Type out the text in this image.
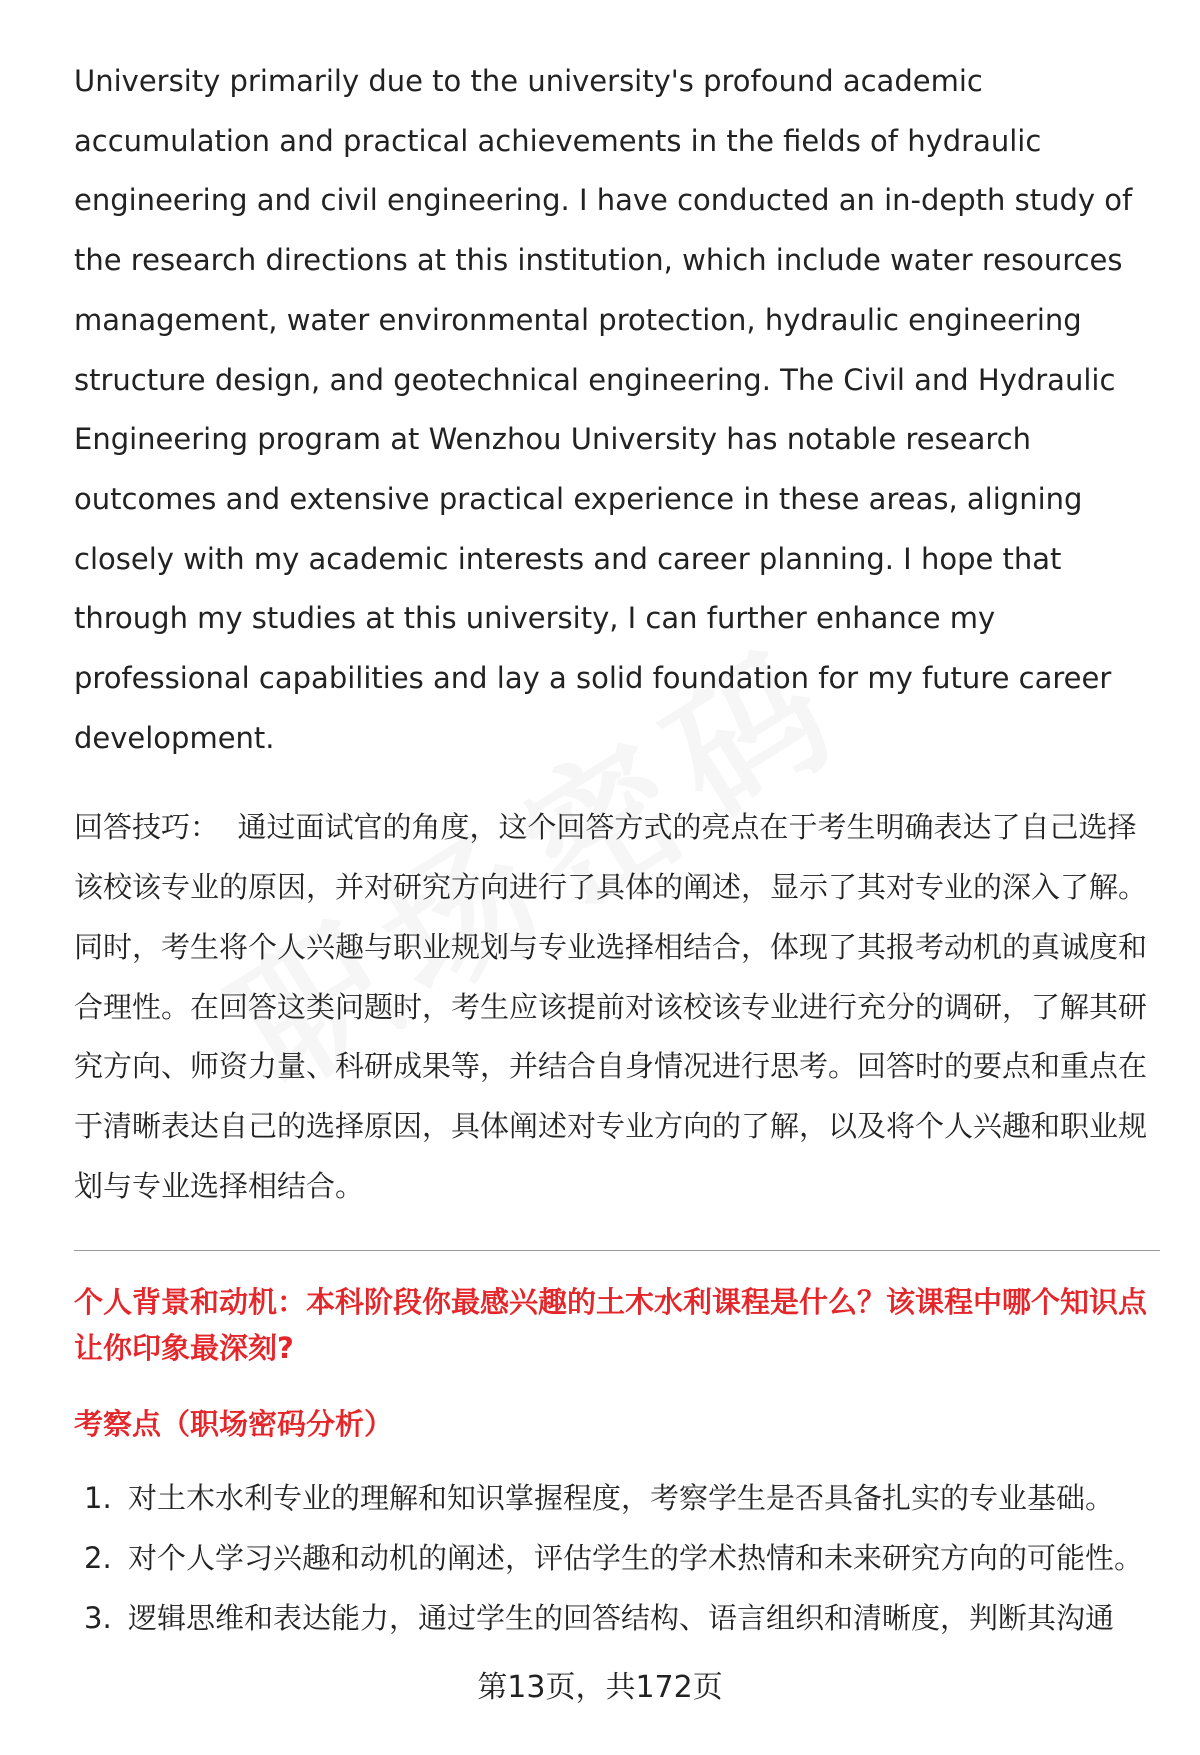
University primarily due to the university's profound academic accumulation and practical achievements in the fields of hydraulic engineering and civil engineering. I have conducted an in-depth study of the research directions at this institution, which include water resources management, water environmental protection, hydraulic engineering structure design, and geotechnical engineering. The Civil and Hydraulic Engineering program at Wenzhou University has notable research outcomes and extensive practical experience in these areas, aligning closely with my academic interests and career planning. I hope that through my studies at this university, I can further enhance my professional capabilities and lay a solid foundation for my future career development.

回答技巧： 通过面试官的角度，这个回答方式的亮点在于考生明确表达了自己选择该校该专业的原因，并对研究方向进行了具体的阐述，显示了其对专业的深入了解。同时，考生将个人兴趣与职业规划与专业选择相结合，体现了其报考动机的真诚度和合理性。在回答这类问题时，考生应该提前对该校该专业进行充分的调研，了解其研究方向、师资力量、科研成果等，并结合自身情况进行思考。回答时的要点和重点在于清晰表达自己的选择原因，具体阐述对专业方向的了解，以及将个人兴趣和职业规划与专业选择相结合。

个人背景和动机：本科阶段你最感兴趣的土木水利课程是什么？该课程中哪个知识点让你印象最深刻?
考察点（职场密码分析）
1. 对土木水利专业的理解和知识掌握程度，考察学生是否具备扎实的专业基础。
2. 对个人学习兴趣和动机的阐述，评估学生的学术热情和未来研究方向的可能性。
3. 逻辑思维和表达能力，通过学生的回答结构、语言组织和清晰度，判断其沟通
第13页，共172页
